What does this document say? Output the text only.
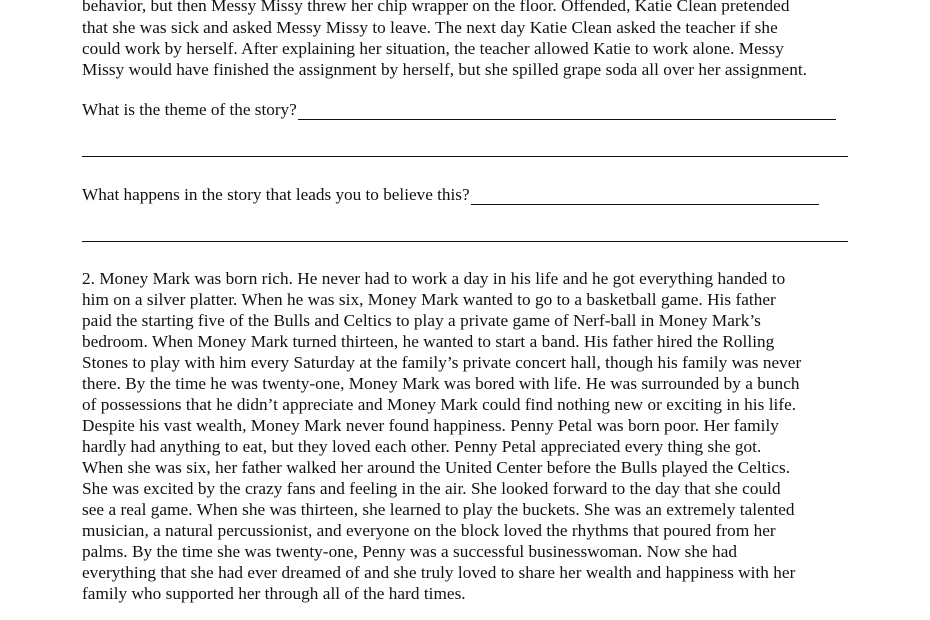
behavior, but then Messy Missy threw her chip wrapper on the floor. Offended, Katie Clean pretended
that she was sick and asked Messy Missy to leave. The next day Katie Clean asked the teacher if she
could work by herself. After explaining her situation, the teacher allowed Katie to work alone. Messy
Missy would have finished the assignment by herself, but she spilled grape soda all over her assignment.
What is the theme of the story?
What happens in the story that leads you to believe this?
2. Money Mark was born rich. He never had to work a day in his life and he got everything handed to
him on a silver platter. When he was six, Money Mark wanted to go to a basketball game. His father
paid the starting five of the Bulls and Celtics to play a private game of Nerf-ball in Money Mark’s
bedroom. When Money Mark turned thirteen, he wanted to start a band. His father hired the Rolling
Stones to play with him every Saturday at the family’s private concert hall, though his family was never
there. By the time he was twenty-one, Money Mark was bored with life. He was surrounded by a bunch
of possessions that he didn’t appreciate and Money Mark could find nothing new or exciting in his life.
Despite his vast wealth, Money Mark never found happiness. Penny Petal was born poor. Her family
hardly had anything to eat, but they loved each other. Penny Petal appreciated every thing she got.
When she was six, her father walked her around the United Center before the Bulls played the Celtics.
She was excited by the crazy fans and feeling in the air. She looked forward to the day that she could
see a real game. When she was thirteen, she learned to play the buckets. She was an extremely talented
musician, a natural percussionist, and everyone on the block loved the rhythms that poured from her
palms. By the time she was twenty-one, Penny was a successful businesswoman. Now she had
everything that she had ever dreamed of and she truly loved to share her wealth and happiness with her
family who supported her through all of the hard times.
